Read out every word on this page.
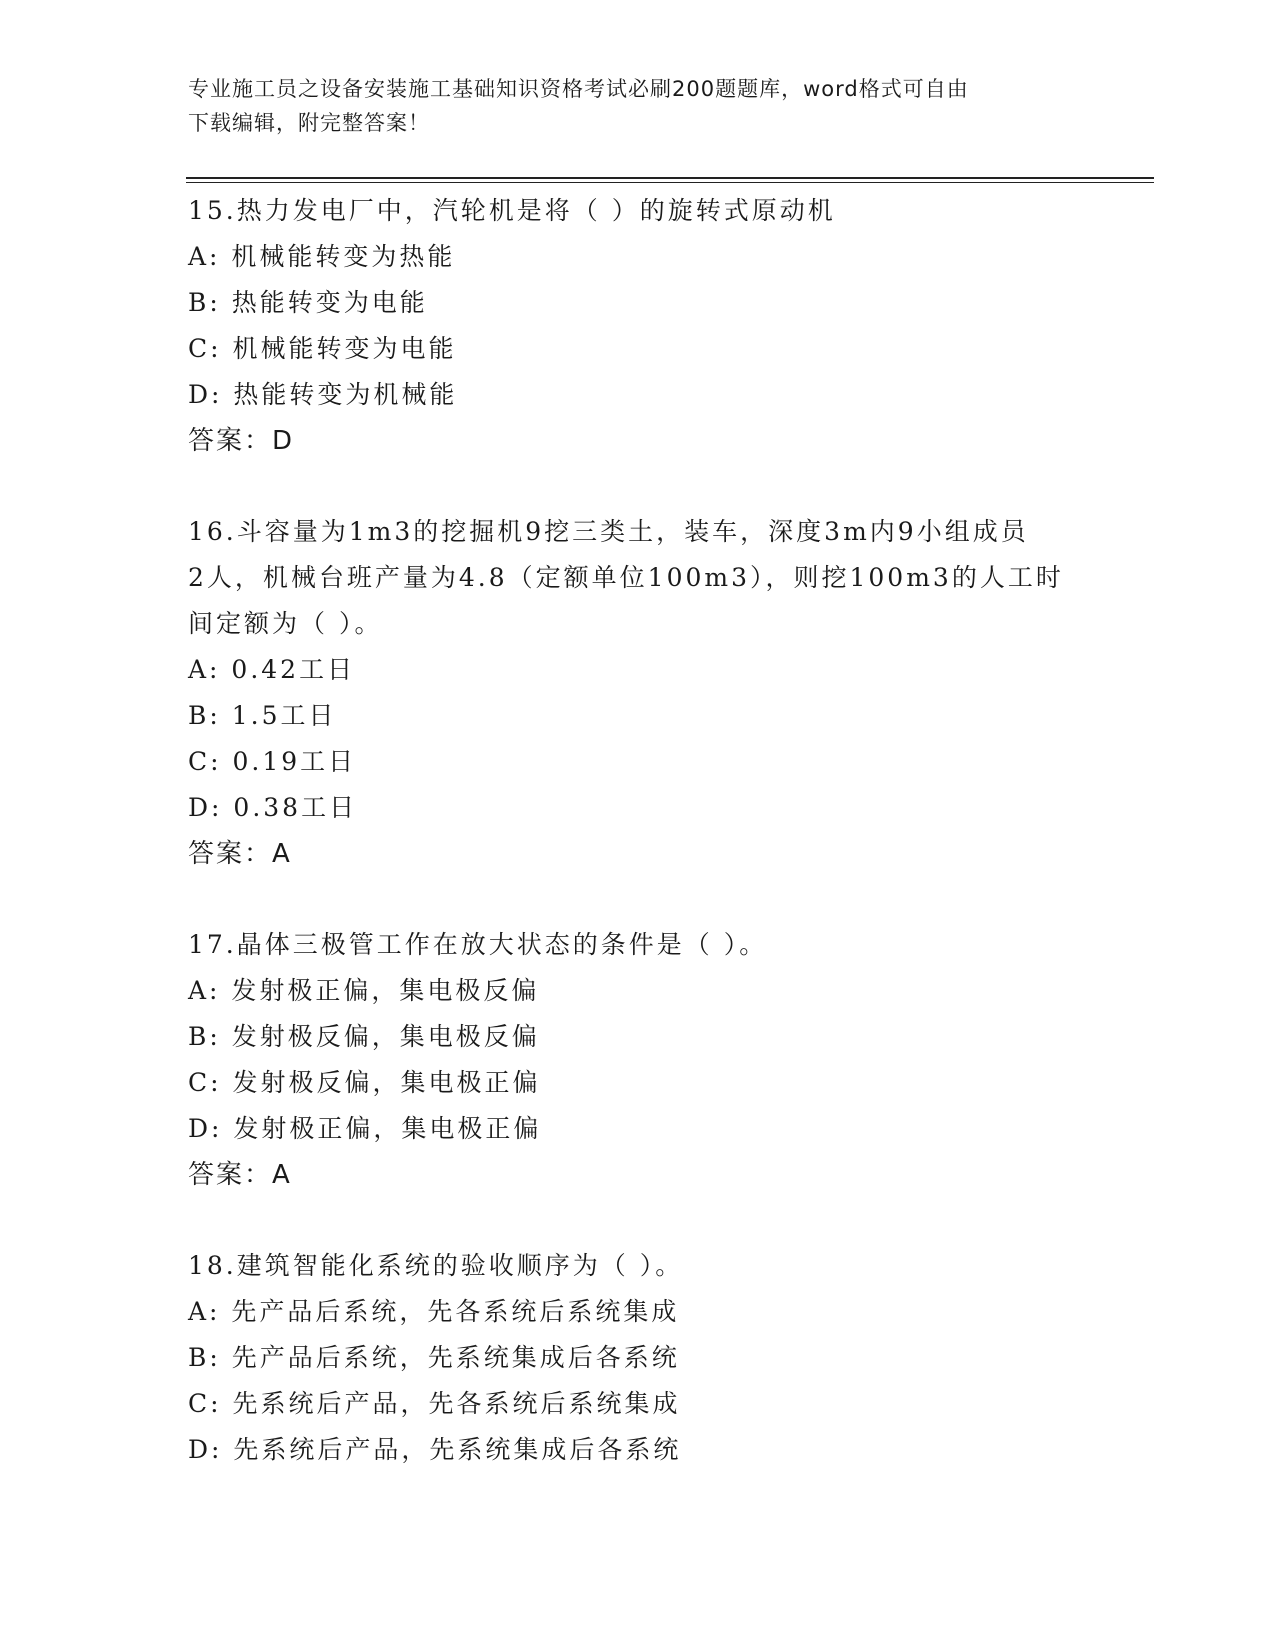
专业施工员之设备安装施工基础知识资格考试必刷200题题库，word格式可自由
下载编辑，附完整答案！
15.热力发电厂中，汽轮机是将（ ）的旋转式原动机
A: 机械能转变为热能
B: 热能转变为电能
C: 机械能转变为电能
D: 热能转变为机械能
答案：D
16.斗容量为1m3的挖掘机9挖三类土，装车，深度3m内9小组成员
2人，机械台班产量为4.8（定额单位100m3），则挖100m3的人工时
间定额为（ ）。
A: 0.42工日
B: 1.5工日
C: 0.19工日
D: 0.38工日
答案：A
17.晶体三极管工作在放大状态的条件是（ ）。
A: 发射极正偏，集电极反偏
B: 发射极反偏，集电极反偏
C: 发射极反偏，集电极正偏
D: 发射极正偏，集电极正偏
答案：A
18.建筑智能化系统的验收顺序为（ ）。
A: 先产品后系统，先各系统后系统集成
B: 先产品后系统，先系统集成后各系统
C: 先系统后产品，先各系统后系统集成
D: 先系统后产品，先系统集成后各系统
